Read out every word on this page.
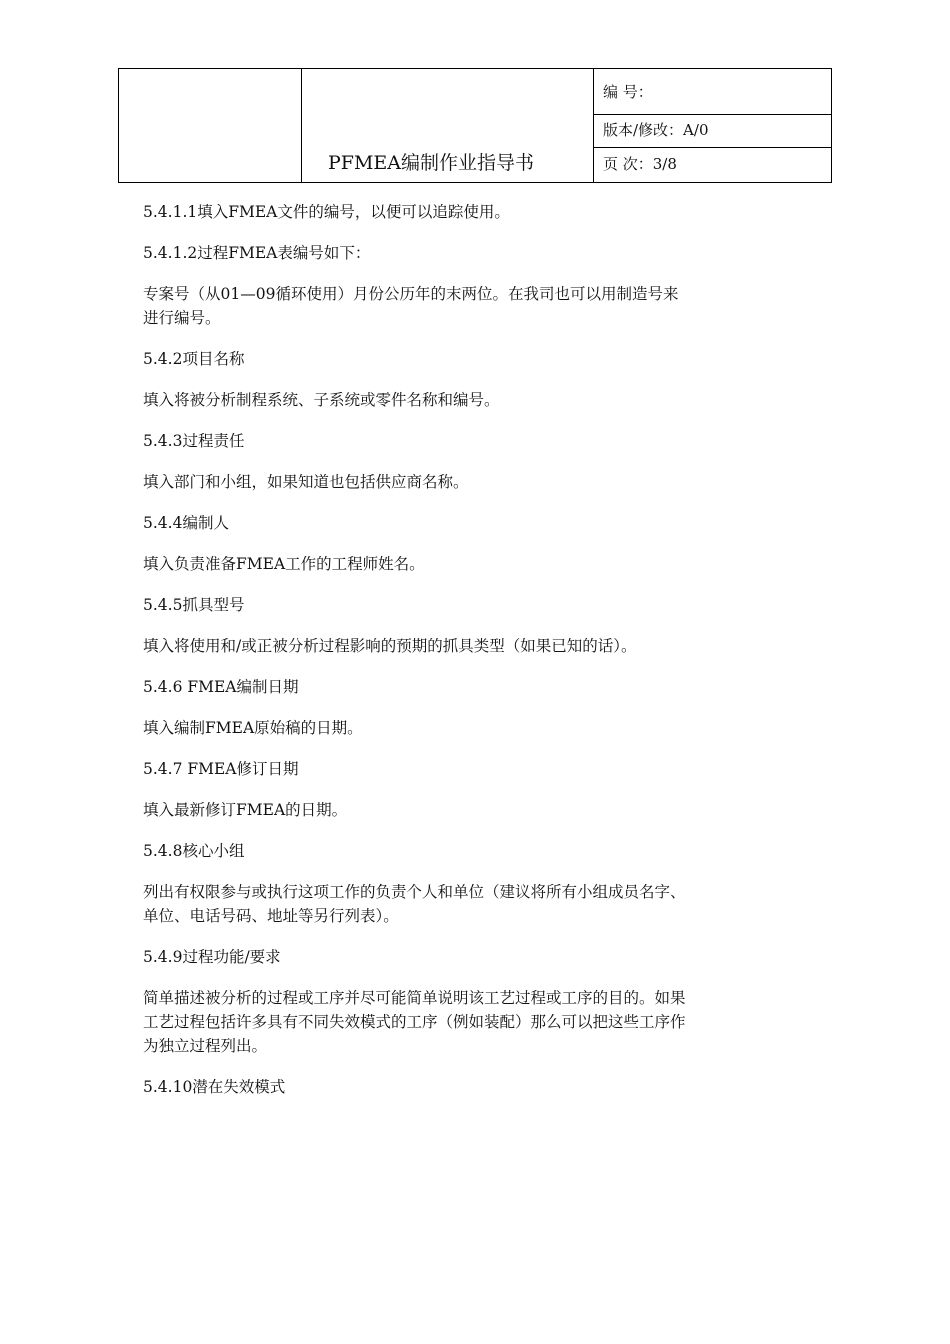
PFMEA编制作业指导书
编 号：
版本/修改：A/0
页 次：3/8

5.4.1.1填入FMEA文件的编号，以便可以追踪使用。

5.4.1.2过程FMEA表编号如下：

专案号（从01—09循环使用）月份公历年的末两位。在我司也可以用制造号来
进行编号。

5.4.2项目名称

填入将被分析制程系统、子系统或零件名称和编号。

5.4.3过程责任

填入部门和小组，如果知道也包括供应商名称。

5.4.4编制人

填入负责准备FMEA工作的工程师姓名。

5.4.5抓具型号

填入将使用和/或正被分析过程影响的预期的抓具类型（如果已知的话）。

5.4.6 FMEA编制日期

填入编制FMEA原始稿的日期。

5.4.7 FMEA修订日期

填入最新修订FMEA的日期。

5.4.8核心小组

列出有权限参与或执行这项工作的负责个人和单位（建议将所有小组成员名字、
单位、电话号码、地址等另行列表）。

5.4.9过程功能/要求

简单描述被分析的过程或工序并尽可能简单说明该工艺过程或工序的目的。如果
工艺过程包括许多具有不同失效模式的工序（例如装配）那么可以把这些工序作
为独立过程列出。

5.4.10潜在失效模式
